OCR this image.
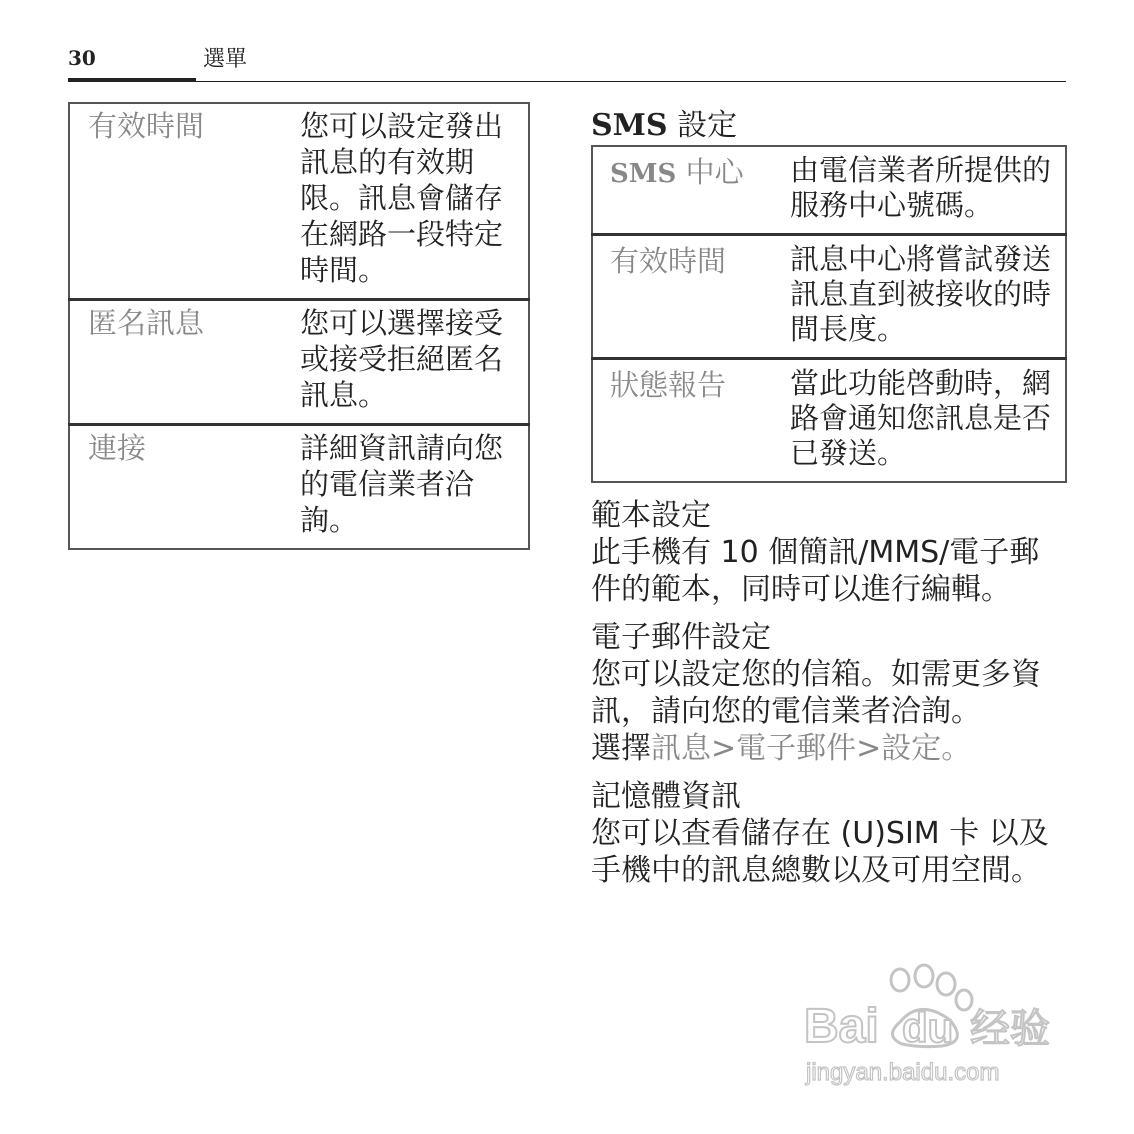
30	選單
有效時間	您可以設定發出訊息的有效期限。訊息會儲存在網路一段特定時間。
匿名訊息	您可以選擇接受或接受拒絕匿名訊息。
連接	詳細資訊請向您的電信業者洽詢。
SMS 設定
SMS 中心	由電信業者所提供的服務中心號碼。
有效時間	訊息中心將嘗試發送訊息直到被接收的時間長度。
狀態報告	當此功能啓動時，網路會通知您訊息是否已發送。

範本設定

此手機有 10 個簡訊/MMS/電子郵件的範本，同時可以進行編輯。

電子郵件設定

您可以設定您的信箱。如需更多資訊，請向您的電信業者洽詢。

選擇訊息>電子郵件>設定。

記憶體資訊

您可以查看儲存在 (U)SIM 卡 以及手機中的訊息總數以及可用空間。

Bai du 经验
jingyan.baidu.com
